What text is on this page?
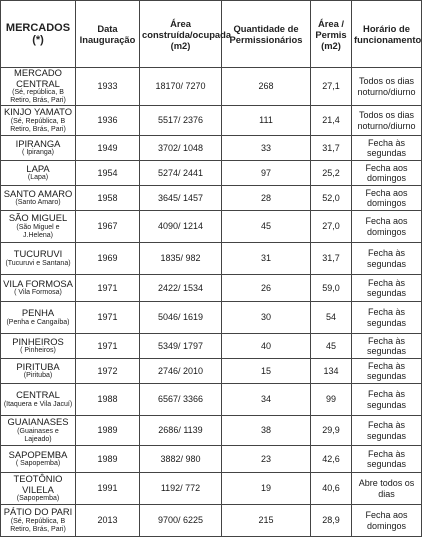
MERCADOS (*)	Data Inauguração	Área construída/ocupada (m2)	Quantidade de Permissionários	Área / Permis (m2)	Horário de funcionamento

MERCADO CENTRAL
(Sé, república, B Retiro, Brás, Pari)	1933	18170/ 7270	268	27,1	Todos os dias noturno/diurno

KINJO YAMATO
(Sé, República, B Retiro, Brás, Pari)	1936	5517/ 2376	111	21,4	Todos os dias noturno/diurno

IPIRANGA
( Ipiranga)	1949	3702/ 1048	33	31,7	Fecha às segundas

LAPA
(Lapa)	1954	5274/ 2441	97	25,2	Fecha aos domingos

SANTO AMARO
(Santo Amaro)	1958	3645/ 1457	28	52,0	Fecha aos domingos

SÃO MIGUEL
(São Miguel e J.Helena)	1967	4090/ 1214	45	27,0	Fecha aos domingos

TUCURUVI
(Tucuruvi e Santana)	1969	1835/ 982	31	31,7	Fecha às segundas

VILA FORMOSA
( Vila Formosa)	1971	2422/ 1534	26	59,0	Fecha às segundas

PENHA
(Penha e Cangaíba)	1971	5046/ 1619	30	54	Fecha às segundas

PINHEIROS
( Pinheiros)	1971	5349/ 1797	40	45	Fecha às segundas

PIRITUBA
(Pirituba)	1972	2746/ 2010	15	134	Fecha às segundas

CENTRAL
(Itaquera e Vila Jacuí)	1988	6567/ 3366	34	99	Fecha às segundas

GUAIANASES
(Guainases e Lajeado)	1989	2686/ 1139	38	29,9	Fecha às segundas

SAPOPEMBA
( Sapopemba)	1989	3882/ 980	23	42,6	Fecha às segundas

TEOTÔNIO VILELA
(Sapopemba)	1991	1192/ 772	19	40,6	Abre todos os dias

PÁTIO DO PARI
(Sé, República, B Retiro, Brás, Pari)	2013	9700/ 6225	215	28,9	Fecha aos domingos
